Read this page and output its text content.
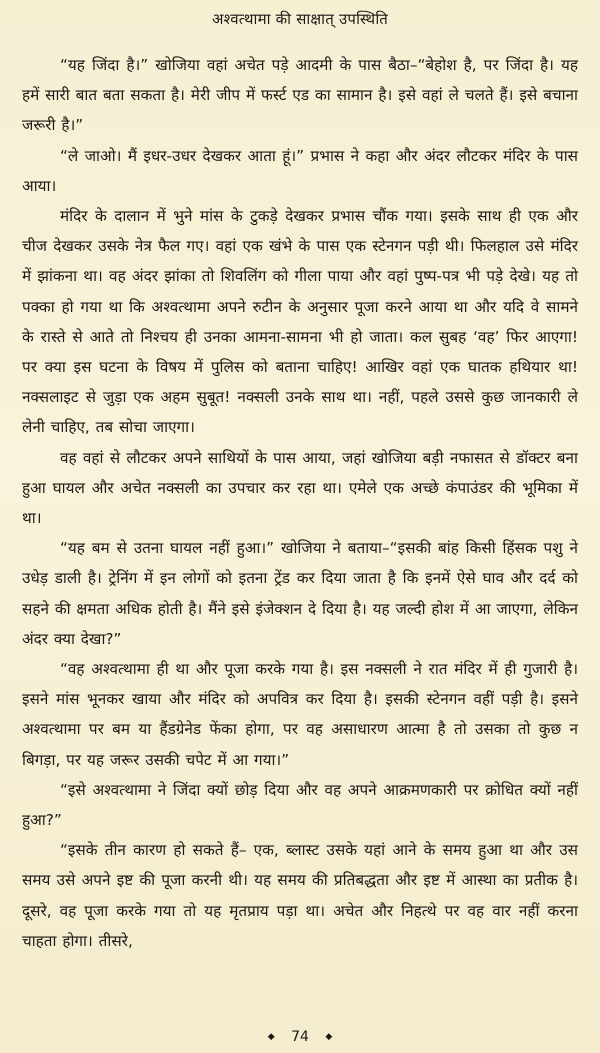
अश्वत्थामा की साक्षात् उपस्थिति

“यह जिंदा है।” खोजिया वहां अचेत पड़े आदमी के पास बैठा–“बेहोश है, पर जिंदा है। यह हमें सारी बात बता सकता है। मेरी जीप में फर्स्ट एड का सामान है। इसे वहां ले चलते हैं। इसे बचाना जरूरी है।”

“ले जाओ। मैं इधर-उधर देखकर आता हूं।” प्रभास ने कहा और अंदर लौटकर मंदिर के पास आया।

मंदिर के दालान में भुने मांस के टुकड़े देखकर प्रभास चौंक गया। इसके साथ ही एक और चीज देखकर उसके नेत्र फैल गए। वहां एक खंभे के पास एक स्टेनगन पड़ी थी। फिलहाल उसे मंदिर में झांकना था। वह अंदर झांका तो शिवलिंग को गीला पाया और वहां पुष्प-पत्र भी पड़े देखे। यह तो पक्का हो गया था कि अश्वत्थामा अपने रुटीन के अनुसार पूजा करने आया था और यदि वे सामने के रास्ते से आते तो निश्चय ही उनका आमना-सामना भी हो जाता। कल सुबह ‘वह’ फिर आएगा! पर क्या इस घटना के विषय में पुलिस को बताना चाहिए! आखिर वहां एक घातक हथियार था! नक्सलाइट से जुड़ा एक अहम सुबूत! नक्सली उनके साथ था। नहीं, पहले उससे कुछ जानकारी ले लेनी चाहिए, तब सोचा जाएगा।

वह वहां से लौटकर अपने साथियों के पास आया, जहां खोजिया बड़ी नफासत से डॉक्टर बना हुआ घायल और अचेत नक्सली का उपचार कर रहा था। एमेले एक अच्छे कंपाउंडर की भूमिका में था।

“यह बम से उतना घायल नहीं हुआ।” खोजिया ने बताया–“इसकी बांह किसी हिंसक पशु ने उधेड़ डाली है। ट्रेनिंग में इन लोगों को इतना ट्रेंड कर दिया जाता है कि इनमें ऐसे घाव और दर्द को सहने की क्षमता अधिक होती है। मैंने इसे इंजेक्शन दे दिया है। यह जल्दी होश में आ जाएगा, लेकिन अंदर क्या देखा?”

“वह अश्वत्थामा ही था और पूजा करके गया है। इस नक्सली ने रात मंदिर में ही गुजारी है। इसने मांस भूनकर खाया और मंदिर को अपवित्र कर दिया है। इसकी स्टेनगन वहीं पड़ी है। इसने अश्वत्थामा पर बम या हैंडग्रेनेड फेंका होगा, पर वह असाधारण आत्मा है तो उसका तो कुछ न बिगड़ा, पर यह जरूर उसकी चपेट में आ गया।”

“इसे अश्वत्थामा ने जिंदा क्यों छोड़ दिया और वह अपने आक्रमणकारी पर क्रोधित क्यों नहीं हुआ?”

“इसके तीन कारण हो सकते हैं– एक, ब्लास्ट उसके यहां आने के समय हुआ था और उस समय उसे अपने इष्ट की पूजा करनी थी। यह समय की प्रतिबद्धता और इष्ट में आस्था का प्रतीक है। दूसरे, वह पूजा करके गया तो यह मृतप्राय पड़ा था। अचेत और निहत्थे पर वह वार नहीं करना चाहता होगा। तीसरे,

◆ 74 ◆
